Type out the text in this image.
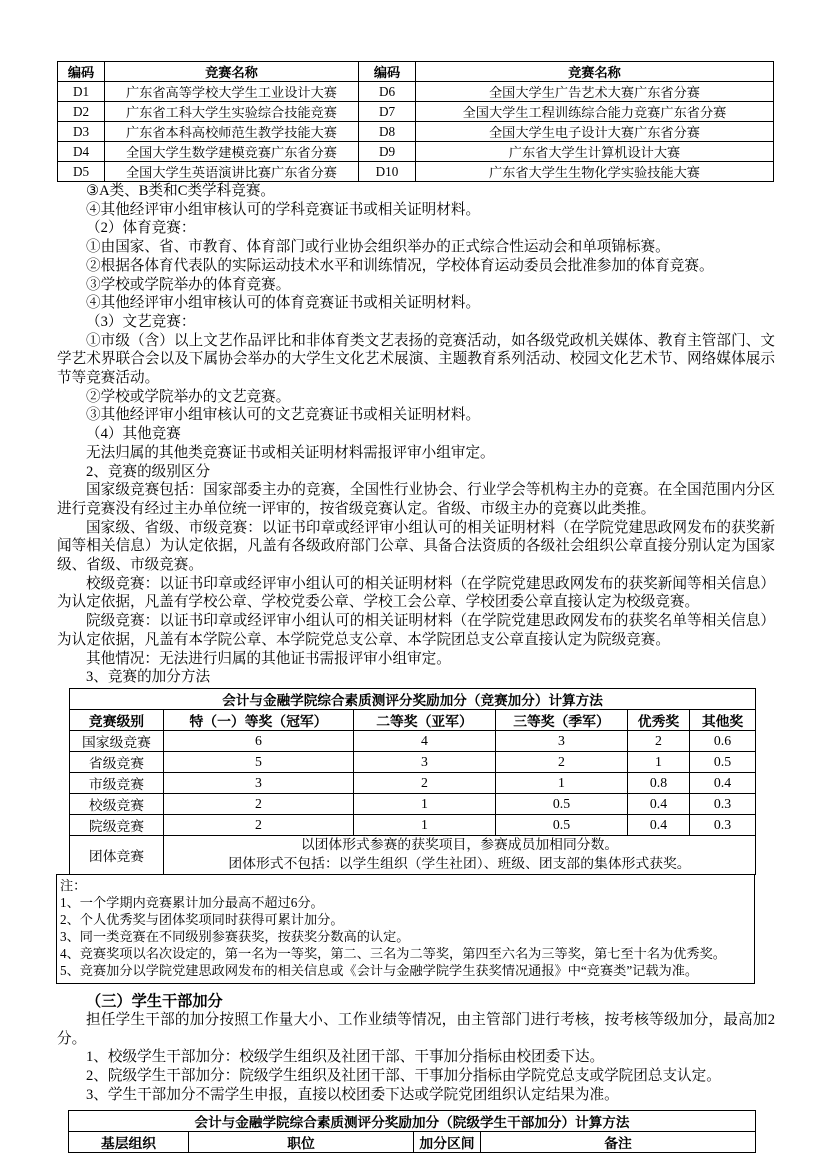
编码	竞赛名称	编码	竞赛名称
D1	广东省高等学校大学生工业设计大赛	D6	全国大学生广告艺术大赛广东省分赛
D2	广东省工科大学生实验综合技能竞赛	D7	全国大学生工程训练综合能力竞赛广东省分赛
D3	广东省本科高校师范生教学技能大赛	D8	全国大学生电子设计大赛广东省分赛
D4	全国大学生数学建模竞赛广东省分赛	D9	广东省大学生计算机设计大赛
D5	全国大学生英语演讲比赛广东省分赛	D10	广东省大学生生物化学实验技能大赛

③A类、B类和C类学科竞赛。

④其他经评审小组审核认可的学科竞赛证书或相关证明材料。

（2）体育竞赛：

①由国家、省、市教育、体育部门或行业协会组织举办的正式综合性运动会和单项锦标赛。

②根据各体育代表队的实际运动技术水平和训练情况，学校体育运动委员会批准参加的体育竞赛。

③学校或学院举办的体育竞赛。

④其他经评审小组审核认可的体育竞赛证书或相关证明材料。

（3）文艺竞赛：

①市级（含）以上文艺作品评比和非体育类文艺表扬的竞赛活动，如各级党政机关媒体、教育主管部门、文学艺术界联合会以及下属协会举办的大学生文化艺术展演、主题教育系列活动、校园文化艺术节、网络媒体展示节等竞赛活动。

②学校或学院举办的文艺竞赛。

③其他经评审小组审核认可的文艺竞赛证书或相关证明材料。

（4）其他竞赛

无法归属的其他类竞赛证书或相关证明材料需报评审小组审定。

2、竞赛的级别区分

国家级竞赛包括：国家部委主办的竞赛，全国性行业协会、行业学会等机构主办的竞赛。在全国范围内分区进行竞赛没有经过主办单位统一评审的，按省级竞赛认定。省级、市级主办的竞赛以此类推。

国家级、省级、市级竞赛：以证书印章或经评审小组认可的相关证明材料（在学院党建思政网发布的获奖新闻等相关信息）为认定依据，凡盖有各级政府部门公章、具备合法资质的各级社会组织公章直接分别认定为国家级、省级、市级竞赛。

校级竞赛：以证书印章或经评审小组认可的相关证明材料（在学院党建思政网发布的获奖新闻等相关信息）为认定依据，凡盖有学校公章、学校党委公章、学校工会公章、学校团委公章直接认定为校级竞赛。

院级竞赛：以证书印章或经评审小组认可的相关证明材料（在学院党建思政网发布的获奖名单等相关信息）为认定依据，凡盖有本学院公章、本学院党总支公章、本学院团总支公章直接认定为院级竞赛。

其他情况：无法进行归属的其他证书需报评审小组审定。

3、竞赛的加分方法

会计与金融学院综合素质测评分奖励加分（竞赛加分）计算方法					
竞赛级别	特（一）等奖（冠军）	二等奖（亚军）	三等奖（季军）	优秀奖	其他奖
国家级竞赛	6	4	3	2	0.6
省级竞赛	5	3	2	1	0.5
市级竞赛	3	2	1	0.8	0.4
校级竞赛	2	1	0.5	0.4	0.3
院级竞赛	2	1	0.5	0.4	0.3
团体竞赛	以团体形式参赛的获奖项目，参赛成员加相同分数。
团体形式不包括：以学生组织（学生社团）、班级、团支部的集体形式获奖。				

注：

1、一个学期内竞赛累计加分最高不超过6分。

2、个人优秀奖与团体奖项同时获得可累计加分。

3、同一类竞赛在不同级别参赛获奖，按获奖分数高的认定。

4、竞赛奖项以名次设定的，第一名为一等奖，第二、三名为二等奖，第四至六名为三等奖，第七至十名为优秀奖。

5、竞赛加分以学院党建思政网发布的相关信息或《会计与金融学院学生获奖情况通报》中“竞赛类”记载为准。

（三）学生干部加分

担任学生干部的加分按照工作量大小、工作业绩等情况，由主管部门进行考核，按考核等级加分，最高加2分。

1、校级学生干部加分：校级学生组织及社团干部、干事加分指标由校团委下达。

2、院级学生干部加分：院级学生组织及社团干部、干事加分指标由学院党总支或学院团总支认定。

3、学生干部加分不需学生申报，直接以校团委下达或学院党团组织认定结果为准。

会计与金融学院综合素质测评分奖励加分（院级学生干部加分）计算方法
基层组织	职位	加分区间	备注
